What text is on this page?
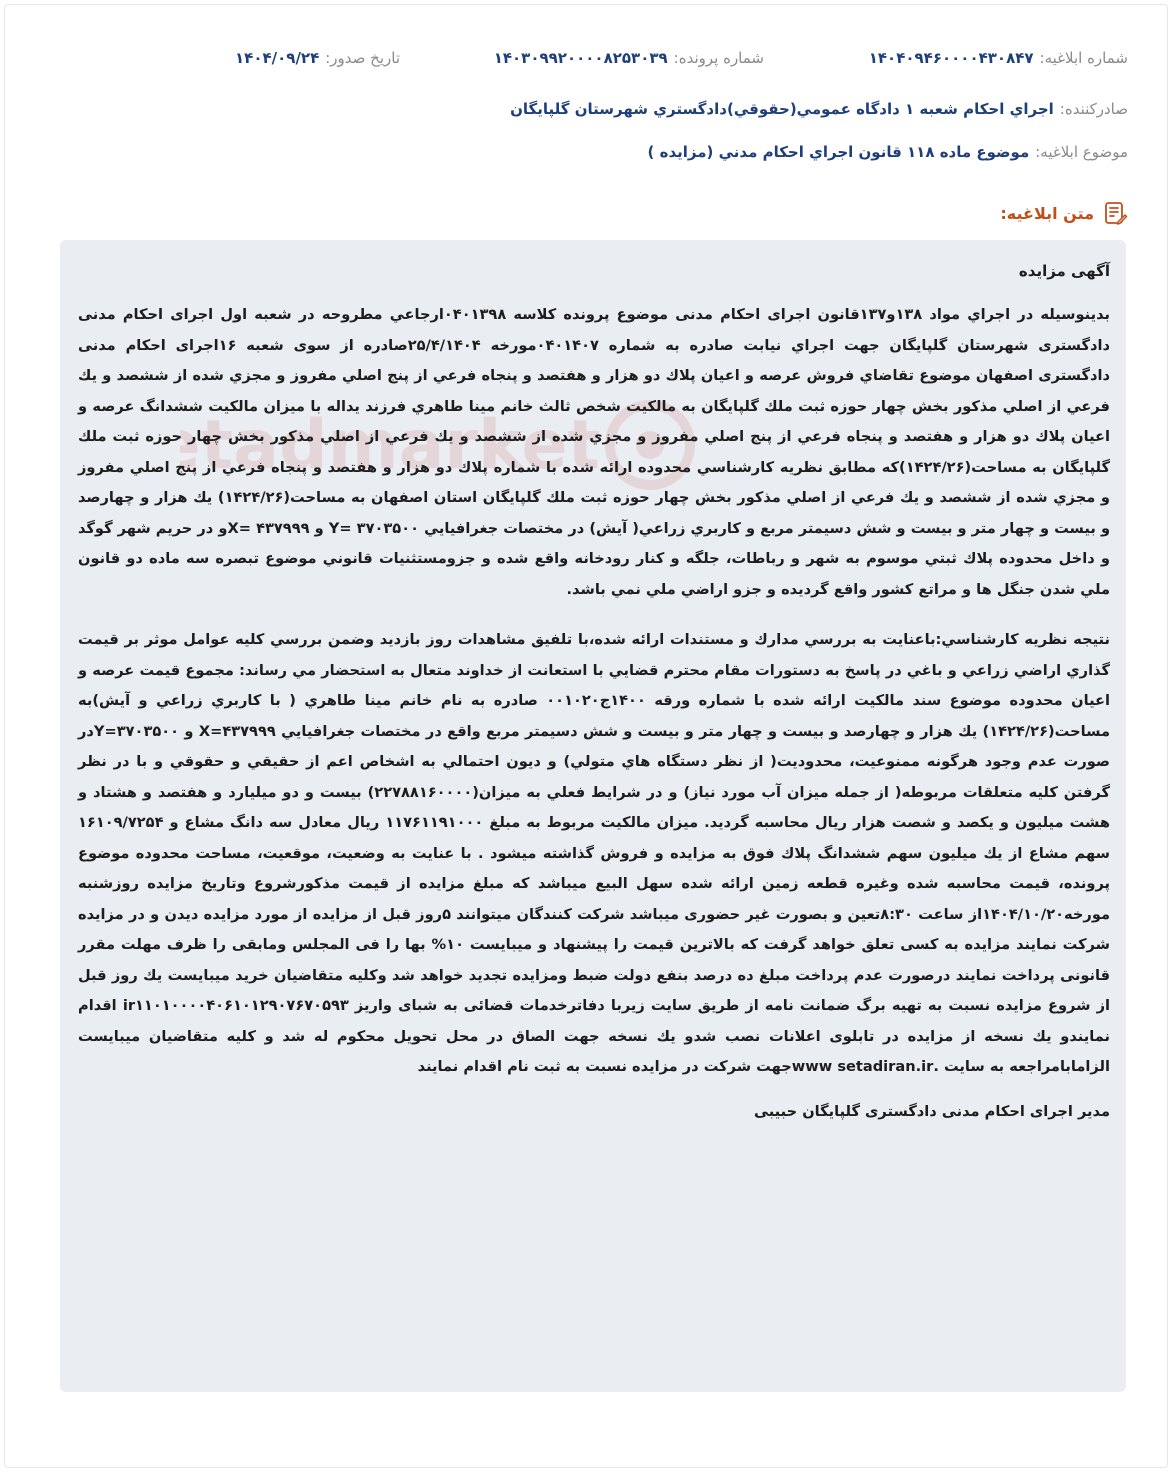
شماره ابلاغیه:
۱۴۰۴۰۹۴۶۰۰۰۰۴۳۰۸۴۷
شماره پرونده:
۱۴۰۳۰۹۹۲۰۰۰۰۸۲۵۳۰۳۹
تاریخ صدور:
۱۴۰۴/۰۹/۲۴
صادرکننده:
اجراي احكام شعبه ۱ دادگاه عمومي(حقوقي)دادگستري شهرستان گلپايگان
موضوع ابلاغیه:
موضوع ماده ۱۱۸ قانون اجراي احكام مدني (مزايده )
متن ابلاغیه:
tadmarket
آگهی مزایده

بدينوسيله در اجراي مواد ۱۳۸و۱۳۷قانون اجرای احکام مدنی موضوع پرونده کلاسه ۰۴۰۱۳۹۸ارجاعي مطروحه در شعبه اول اجرای احکام مدنی دادگستری شهرستان گلپایگان جهت اجراي نيابت صادره به شماره ۰۴۰۱۴۰۷مورخه ۲۵/۴/۱۴۰۴صادره از سوی شعبه ۱۶اجرای احکام مدنی دادگستری اصفهان موضوع تقاضاي فروش عرصه و اعيان پلاك دو هزار و هفتصد و پنجاه فرعي از پنج اصلي مفروز و مجزي شده از ششصد و يك فرعي از اصلي مذكور بخش چهار حوزه ثبت ملك گلپايگان به مالكيت شخص ثالث خانم مينا طاهري فرزند يداله با ميزان مالكيت ششدانگ عرصه و اعيان پلاك دو هزار و هفتصد و پنجاه فرعي از پنج اصلي مفروز و مجزي شده از ششصد و يك فرعي از اصلي مذكور بخش چهار حوزه ثبت ملك گلپايگان به مساحت(۱۴۲۴/۲۶)كه مطابق نظريه كارشناسي محدوده ارائه شده با شماره پلاك دو هزار و هفتصد و پنجاه فرعي از پنج اصلي مفروز و مجزي شده از ششصد و يك فرعي از اصلي مذكور بخش چهار حوزه ثبت ملك گلپايگان استان اصفهان به مساحت(۱۴۲۴/۲۶) يك هزار و چهارصد و بيست و چهار متر و بيست و شش دسيمتر مربع و كاربري زراعي( آيش) در مختصات جغرافيايي ۳۷۰۳۵۰۰ =Y و ۴۳۷۹۹۹ =Xو در حريم شهر گوگد و داخل محدوده پلاك ثبتي موسوم به شهر و رباطات، جلگه و كنار رودخانه واقع شده و جزومستثنيات قانوني موضوع تبصره سه ماده دو قانون ملي شدن جنگل ها و مراتع كشور واقع گرديده و جزو اراضي ملي نمي باشد.

نتيجه نظريه كارشناسي:باعنايت به بررسي مدارك و مستندات ارائه شده،با تلفيق مشاهدات روز بازديد وضمن بررسي كليه عوامل موثر بر قيمت گذاري اراضي زراعي و باغي در پاسخ به دستورات مقام محترم قضايي با استعانت از خداوند متعال به استحضار مي رساند: مجموع قيمت عرصه و اعيان محدوده موضوع سند مالكيت ارائه شده با شماره ورقه ۱۴۰۰ج۰۰۱۰۲۰ صادره به نام خانم مينا طاهري ( با كاربري زراعي و آيش)به مساحت(۱۴۲۴/۲۶) يك هزار و چهارصد و بيست و چهار متر و بيست و شش دسيمتر مربع واقع در مختصات جغرافيايي X=۴۳۷۹۹۹ و ۳۷۰۳۵۰۰=Yدر صورت عدم وجود هرگونه ممنوعيت، محدوديت( از نظر دستگاه هاي متولي) و ديون احتمالي به اشخاص اعم از حقيقي و حقوقي و با در نظر گرفتن كليه متعلقات مربوطه( از جمله ميزان آب مورد نياز) و در شرايط فعلي به ميزان(۲۲۷۸۸۱۶۰۰۰۰) بيست و دو ميليارد و هفتصد و هشتاد و هشت ميليون و يكصد و شصت هزار ريال محاسبه گرديد. ميزان مالكيت مربوط به مبلغ ۱۱۷۶۱۱۹۱۰۰۰ ريال معادل سه دانگ مشاع و ۱۶۱۰۹/۷۲۵۴ سهم مشاع از يك ميليون سهم ششدانگ پلاك فوق به مزايده و فروش گذاشته ميشود . با عنايت به وضعيت، موقعيت، مساحت محدوده موضوع پرونده، قيمت محاسبه شده وغيره قطعه زمين ارائه شده سهل البيع ميباشد كه مبلغ مزايده از قيمت مذکورشروع وتاريخ مزايده روزشنبه مورخه۱۴۰۴/۱۰/۲۰از ساعت ۸:۳۰تعين و بصورت غير حضوری ميباشد شركت كنندگان ميتوانند ۵روز قبل از مزايده از مورد مزايده ديدن و در مزايده شركت نمايند مزايده به كسى تعلق خواهد گرفت كه بالاترين قيمت را پيشنهاد و ميبايست ۱۰% بها را فى المجلس ومابقى را ظرف مهلت مقرر قانونى پرداخت نمايند درصورت عدم پرداخت مبلغ ده درصد بنفع دولت ضبط ومزايده تجديد خواهد شد وكليه متقاضيان خريد ميبايست يك روز قبل از شروع مزايده نسبت به تهيه برگ ضمانت نامه از طريق سايت زيربا دفاترخدمات قضائى به شباى واريز ir۱۱۰۱۰۰۰۰۴۰۶۱۰۱۲۹۰۷۶۷۰۵۹۳ اقدام نمايندو يك نسخه از مزايده در تابلوى اعلانات نصب شدو يك نسخه جهت الصاق در محل تحويل محكوم له شد و كليه متقاضيان ميبايست الزامابامراجعه به سايت .www setadiran.irجهت شركت در مزايده نسبت به ثبت نام اقدام نمايند

مدير اجراى احكام مدنى دادگسترى گلپايگان حبيبى
